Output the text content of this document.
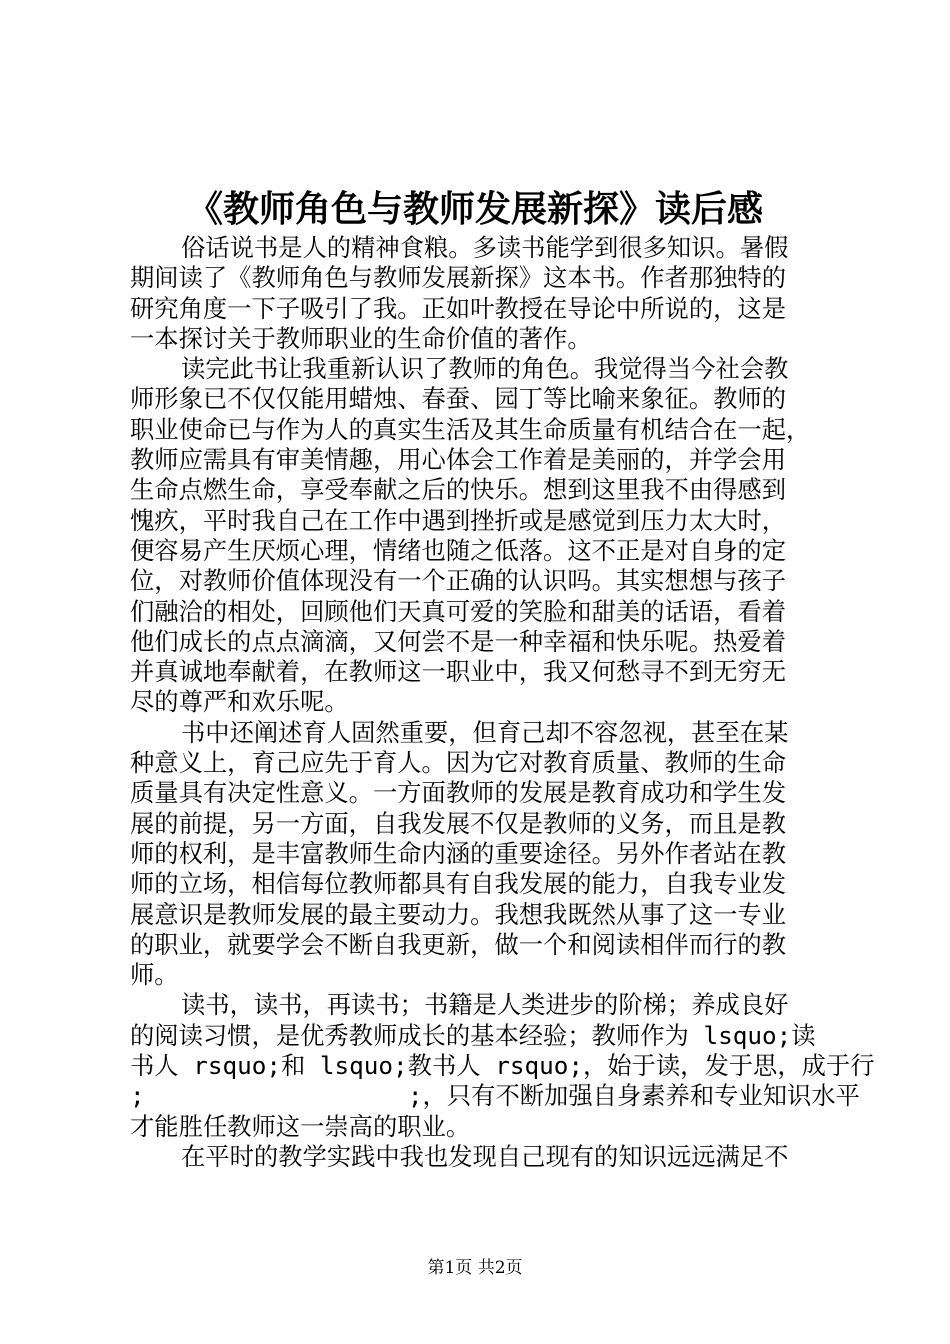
《教师角色与教师发展新探》读后感
俗话说书是人的精神食粮。多读书能学到很多知识。暑假
期间读了《教师角色与教师发展新探》这本书。作者那独特的
研究角度一下子吸引了我。正如叶教授在导论中所说的，这是
一本探讨关于教师职业的生命价值的著作。
读完此书让我重新认识了教师的角色。我觉得当今社会教
师形象已不仅仅能用蜡烛、春蚕、园丁等比喻来象征。教师的
职业使命已与作为人的真实生活及其生命质量有机结合在一起，
教师应需具有审美情趣，用心体会工作着是美丽的，并学会用
生命点燃生命，享受奉献之后的快乐。想到这里我不由得感到
愧疚，平时我自己在工作中遇到挫折或是感觉到压力太大时，
便容易产生厌烦心理，情绪也随之低落。这不正是对自身的定
位，对教师价值体现没有一个正确的认识吗。其实想想与孩子
们融洽的相处，回顾他们天真可爱的笑脸和甜美的话语，看着
他们成长的点点滴滴，又何尝不是一种幸福和快乐呢。热爱着
并真诚地奉献着，在教师这一职业中，我又何愁寻不到无穷无
尽的尊严和欢乐呢。
书中还阐述育人固然重要，但育己却不容忽视，甚至在某
种意义上，育己应先于育人。因为它对教育质量、教师的生命
质量具有决定性意义。一方面教师的发展是教育成功和学生发
展的前提，另一方面，自我发展不仅是教师的义务，而且是教
师的权利，是丰富教师生命内涵的重要途径。另外作者站在教
师的立场，相信每位教师都具有自我发展的能力，自我专业发
展意识是教师发展的最主要动力。我想我既然从事了这一专业
的职业，就要学会不断自我更新，做一个和阅读相伴而行的教
师。
读书，读书，再读书；书籍是人类进步的阶梯；养成良好
的阅读习惯，是优秀教师成长的基本经验；教师作为 lsquo;读
书人 rsquo;和 lsquo;教书人 rsquo;，始于读，发于思，成于行
;                  ;，只有不断加强自身素养和专业知识水平
才能胜任教师这一崇高的职业。
在平时的教学实践中我也发现自己现有的知识远远满足不
第1页 共2页
